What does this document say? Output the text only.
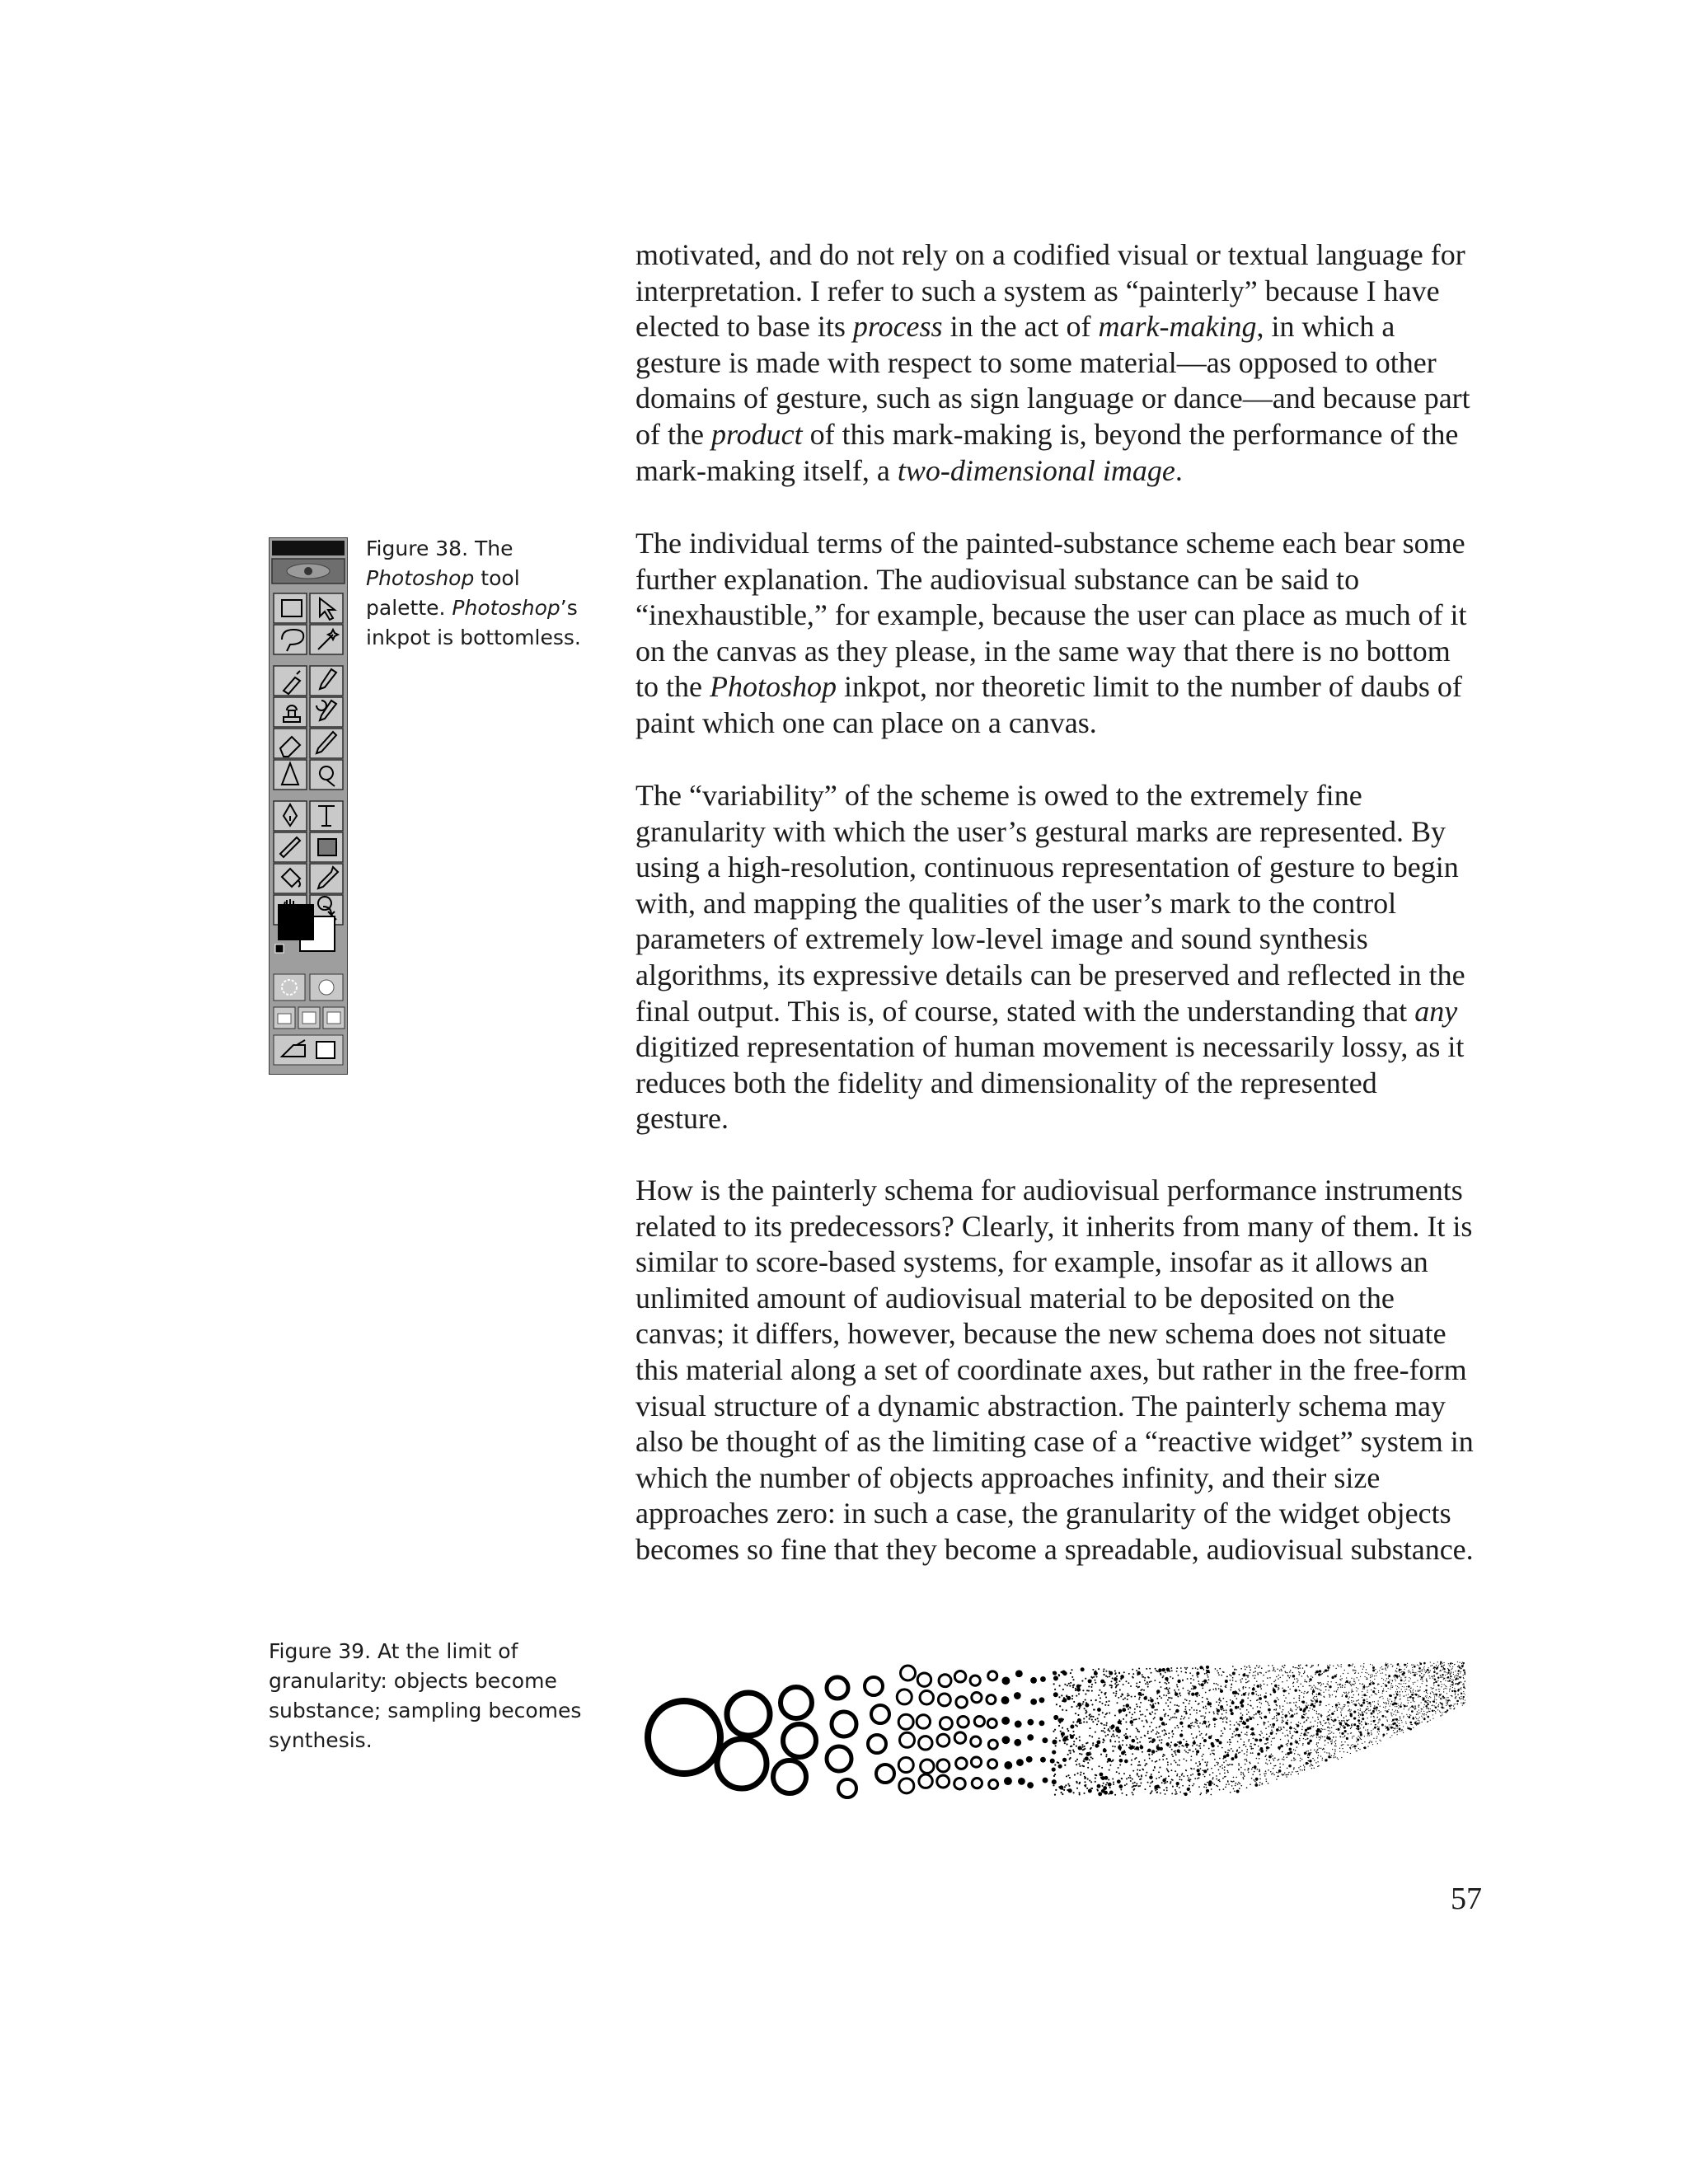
motivated, and do not rely on a codified visual or textual language for interpretation. I refer to such a system as “painterly” because I have elected to base its process in the act of mark-making, in which a gesture is made with respect to some material—as opposed to other domains of gesture, such as sign language or dance—and because part of the product of this mark-making is, beyond the performance of the mark-making itself, a two-dimensional image.

The individual terms of the painted-substance scheme each bear some further explanation. The audiovisual substance can be said to “inexhaustible,” for example, because the user can place as much of it on the canvas as they please, in the same way that there is no bottom to the Photoshop inkpot, nor theoretic limit to the number of daubs of paint which one can place on a canvas.

The “variability” of the scheme is owed to the extremely fine granularity with which the user’s gestural marks are represented. By using a high-resolution, continuous representation of gesture to begin with, and mapping the qualities of the user’s mark to the control parameters of extremely low-level image and sound synthesis algorithms, its expressive details can be preserved and reflected in the final output. This is, of course, stated with the understanding that any digitized representation of human movement is necessarily lossy, as it reduces both the fidelity and dimensionality of the represented gesture.

How is the painterly schema for audiovisual performance instruments related to its predecessors? Clearly, it inherits from many of them. It is similar to score-based systems, for example, insofar as it allows an unlimited amount of audiovisual material to be deposited on the canvas; it differs, however, because the new schema does not situate this material along a set of coordinate axes, but rather in the free-form visual structure of a dynamic abstraction. The painterly schema may also be thought of as the limiting case of a “reactive widget” system in which the number of objects approaches infinity, and their size approaches zero: in such a case, the granularity of the widget objects becomes so fine that they become a spreadable, audiovisual substance.

Figure 38. The Photoshop tool palette. Photoshop’s inkpot is bottomless.
Figure 39. At the limit of granularity: objects become substance; sampling becomes synthesis.
57
